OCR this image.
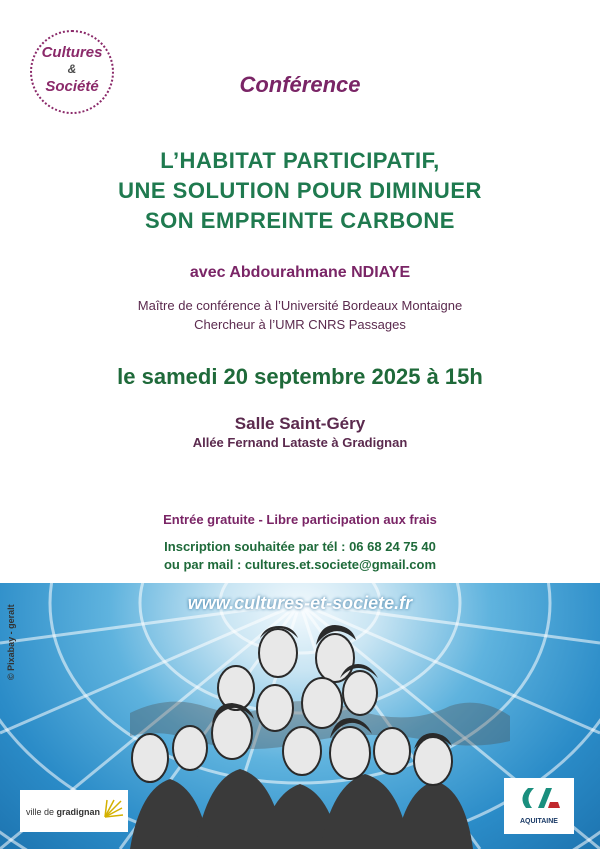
Cultures
&
Société	Conférence
L’HABITAT PARTICIPATIF,
UNE SOLUTION POUR DIMINUER
SON EMPREINTE CARBONE
avec Abdourahmane NDIAYE
Maître de conférence à l’Université Bordeaux Montaigne
Chercheur à l’UMR CNRS Passages
le samedi 20 septembre 2025 à 15h
Salle Saint-Géry
Allée Fernand Lataste à Gradignan
Entrée gratuite - Libre participation aux frais
Inscription souhaitée par tél : 06 68 24 75 40
ou par mail : cultures.et.societe@gmail.com
www.cultures-et-societe.fr
© Pixabay - geralt
ville de gradignan
AQUITAINE
